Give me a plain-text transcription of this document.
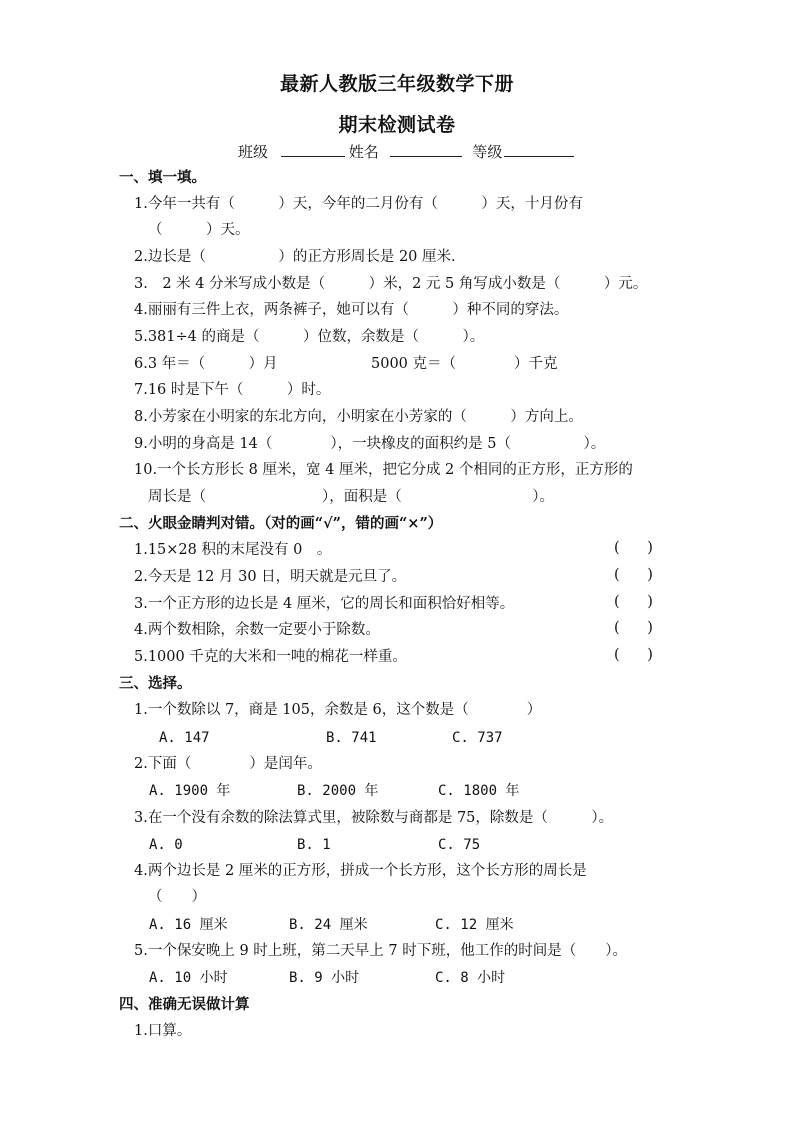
最新人教版三年级数学下册
期末检测试卷
班级	姓名	等级
一、填一填。
1.今年一共有（　　　）天，今年的二月份有（　　　）天，十月份有
（　　　）天。
2.边长是（　　　　　）的正方形周长是 20 厘米.
3.　2 米 4 分米写成小数是（　　　）米，2 元 5 角写成小数是（　　　）元。
4.丽丽有三件上衣，两条裤子，她可以有（　　　）种不同的穿法。
5.381÷4 的商是（　　　）位数，余数是（　　　）。
6.3 年＝（　　　）月	5000 克＝（　　　　）千克
7.16 时是下午（　　　）时。
8.小芳家在小明家的东北方向，小明家在小芳家的（　　　）方向上。
9.小明的身高是 14（　　　　），一块橡皮的面积约是 5（　　　　　）。
10.一个长方形长 8 厘米，宽 4 厘米，把它分成 2 个相同的正方形，正方形的
周长是（　　　　　　　　），面积是（　　　　　　　　　）。
二、火眼金睛判对错。（对的画“√”，错的画“×”）
1.15×28 积的末尾没有 0　。	(      )
2.今天是 12 月 30 日，明天就是元旦了。	(      )
3.一个正方形的边长是 4 厘米，它的周长和面积恰好相等。	(      )
4.两个数相除，余数一定要小于除数。	(      )
5.1000 千克的大米和一吨的棉花一样重。	(      )
三、选择。
1.一个数除以 7，商是 105，余数是 6，这个数是（　　　　）
A. 147	B. 741	C. 737
2.下面（　　　　）是闰年。
A. 1900 年	B. 2000 年	C. 1800 年
3.在一个没有余数的除法算式里，被除数与商都是 75，除数是（　　　）。
A. 0	B. 1	C. 75
4.两个边长是 2 厘米的正方形，拼成一个长方形，这个长方形的周长是
（　　）
A. 16 厘米	B. 24 厘米	C. 12 厘米
5.一个保安晚上 9 时上班，第二天早上 7 时下班，他工作的时间是（　　）。
A. 10 小时	B. 9 小时	C. 8 小时
四、准确无误做计算
1.口算。
